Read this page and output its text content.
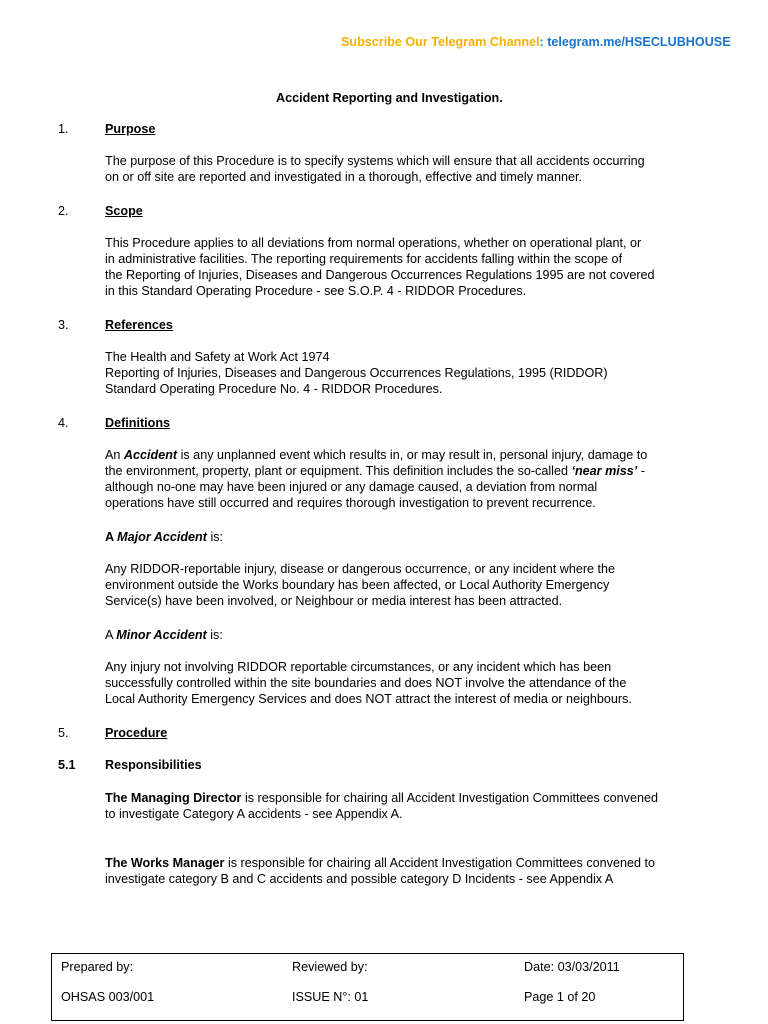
Subscribe Our Telegram Channel: telegram.me/HSECLUBHOUSE
Accident Reporting and Investigation.
1.	Purpose
The purpose of this Procedure is to specify systems which will ensure that all accidents occurring
on or off site are reported and investigated in a thorough, effective and timely manner.
2.	Scope
This Procedure applies to all deviations from normal operations, whether on operational plant, or
in administrative facilities. The reporting requirements for accidents falling within the scope of
the Reporting of Injuries, Diseases and Dangerous Occurrences Regulations 1995 are not covered
in this Standard Operating Procedure - see S.O.P. 4 - RIDDOR Procedures.
3.	References
The Health and Safety at Work Act 1974
Reporting of Injuries, Diseases and Dangerous Occurrences Regulations, 1995 (RIDDOR)
Standard Operating Procedure No. 4 - RIDDOR Procedures.
4.	Definitions
An Accident is any unplanned event which results in, or may result in, personal injury, damage to
the environment, property, plant or equipment. This definition includes the so-called ‘near miss’ -
although no-one may have been injured or any damage caused, a deviation from normal
operations have still occurred and requires thorough investigation to prevent recurrence.
A Major Accident is:
Any RIDDOR-reportable injury, disease or dangerous occurrence, or any incident where the
environment outside the Works boundary has been affected, or Local Authority Emergency
Service(s) have been involved, or Neighbour or media interest has been attracted.
A Minor Accident is:
Any injury not involving RIDDOR reportable circumstances, or any incident which has been
successfully controlled within the site boundaries and does NOT involve the attendance of the
Local Authority Emergency Services and does NOT attract the interest of media or neighbours.
5.	Procedure
5.1 Responsibilities
The Managing Director is responsible for chairing all Accident Investigation Committees convened
to investigate Category A accidents - see Appendix A.
The Works Manager is responsible for chairing all Accident Investigation Committees convened to
investigate category B and C accidents and possible category D Incidents - see Appendix A
Prepared by:	Reviewed by:	Date: 03/03/2011
OHSAS 003/001	ISSUE N°: 01	Page 1 of 20
